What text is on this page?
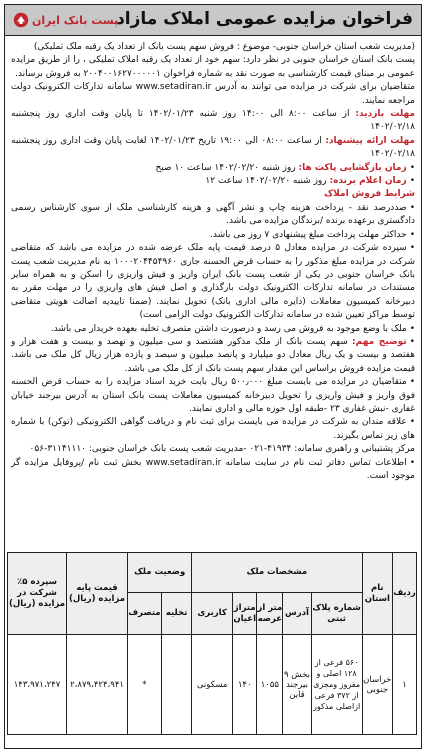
فراخوان مزایده عمومی املاک مازاد
پست بانک ایران

(مدیریت شعب استان خراسان جنوبی- موضوع : فروش سهم پست بانک از تعداد یک رقبه ملک تملیکی)

پست بانک استان خراسان جنوبی در نظر دارد: سهم خود از تعداد یک رقبه املاک تملیکی ، را از طریق مزایده عمومی بر مبنای قیمت کارشناسی به صورت نقد به شماره فراخوان ۲۰۰۴۰۰۱۶۲۷۰۰۰۰۰۱ به فروش برساند.

متقاضیان برای شرکت در مزایده می توانند به آدرس www.setadiran.ir سامانه تدارکات الکترونیک دولت مراجعه نمایند.

مهلت بازدید: از ساعت ۸:۰۰ الی ۱۴:۰۰ روز شنبه ۱۴۰۲/۰۱/۲۳ تا پایان وقت اداری روز پنجشنبه ۱۴۰۲/۰۲/۱۸

مهلت ارائه پیشنهاد: از ساعت ۰۸:۰۰ الی ۱۹:۰۰ تاریخ ۱۴۰۲/۰۱/۲۳ لغایت پایان وقت اداری روز پنجشنبه ۱۴۰۲/۰۲/۱۸

• زمان بازگشایی پاکت ها: روز شنبه ۱۴۰۲/۰۲/۲۰ ساعت ۱۰ صبح

• زمان اعلام برنده: روز شنبه ۱۴۰۲/۰۲/۲۰ ساعت ۱۲

شرایط فروش املاک

• صددرصد نقد - پرداخت هزینه چاپ و نشر آگهی و هزینه کارشناسی ملک از سوی کارشناس رسمی دادگستری برعهده برنده /برندگان مزایده می باشد.

• حداکثر مهلت پرداخت مبلغ پیشنهادی ۷ روز می باشد.

• سپرده شرکت در مزایده معادل ۵ درصد قیمت پایه ملک عرضه شده در مزایده می باشد که متقاضی شرکت در مزایده مبلغ مذکور را به حساب قرض الحسنه جاری ۱۰۰۰۲۰۴۴۵۴۹۶۰ به نام مدیریت شعب پست بانک خراسان جنوبی در یکی از شعب پست بانک ایران واریز و فیش واریزی را اسکن و به همراه سایر مستندات در سامانه تدارکات الکترونیک دولت بارگذاری و اصل فیش های واریزی را در مهلت مقرر به دبیرخانه کمیسیون معاملات (دایره مالی اداری بانک) تحویل نمایند. (ضمنا تاییدیه اصالت هویتی متقاضی توسط مراکز تعیین شده در سامانه تدارکات الکترونیک دولت الزامی است)

• ملک با وضع موجود به فروش می رسد و درصورت داشتن متصرف تخلیه بعهده خریدار می باشد.

• توضیح مهم: سهم پست بانک از ملک مذکور هشتصد و سی میلیون و نهصد و بیست و هفت هزار و هفتصد و بیست و یک ریال معادل دو میلیارد و پانصد میلیون و سیصد و یازده هزار ریال کل ملک می باشد. قیمت مزایده فروش براساس این مقدار سهم پست بانک از کل ملک می باشد.

• متقاضیان در مزایده می بایست مبلغ ۵۰۰٫۰۰۰ ریال بابت خرید اسناد مزایده را به حساب قرض الحسنه فوق واریز و فیش واریزی را تحویل دبیرخانه کمیسیون معاملات پست بانک استان به آدرس بیرجند خیابان غفاری -نبش غفاری ۲۳ -طبقه اول حوزه مالی و اداری نمایند.

• علاقه مندان به شرکت در مزایده می بایست برای ثبت نام و دریافت گواهی الکترونیکی (توکن) با شماره های زیر تماس بگیرند.

مرکز پشتیبانی و راهبری سامانه: ۴۱۹۳۴-۰۲۱ -مدیریت شعب پست بانک خراسان جنوبی: ۳۱۱۴۱۱۱۰-۰۵۶

• اطلاعات تماس دفاتر ثبت نام در سایت سامانه www.setadiran.ir بخش ثبت نام /پروفایل مزایده گر موجود است.

ردیف	نام استان	مشخصات ملک					وضعیت ملک		قیمت پایه مزایده (ریال)	سپرده ۵٪ شرکت در مزایده (ریال)
		شماره پلاک ثبتی	آدرس	متر از عرصه	متراژ اعیان	کاربری	تخلیه	متصرف		
۱	خراسان جنوبی	۵۶۰ فرعی از ۱۲۸ اصلی و مفروز ومجزی از ۳۷۲ فرعی ازاصلی مذکور	بخش ۹ بیرجند قاین	۱۰۵۵	۱۴۰	مسکونی		*	۲،۸۷۹،۴۲۴،۹۴۱	۱۴۳،۹۷۱،۲۴۷
